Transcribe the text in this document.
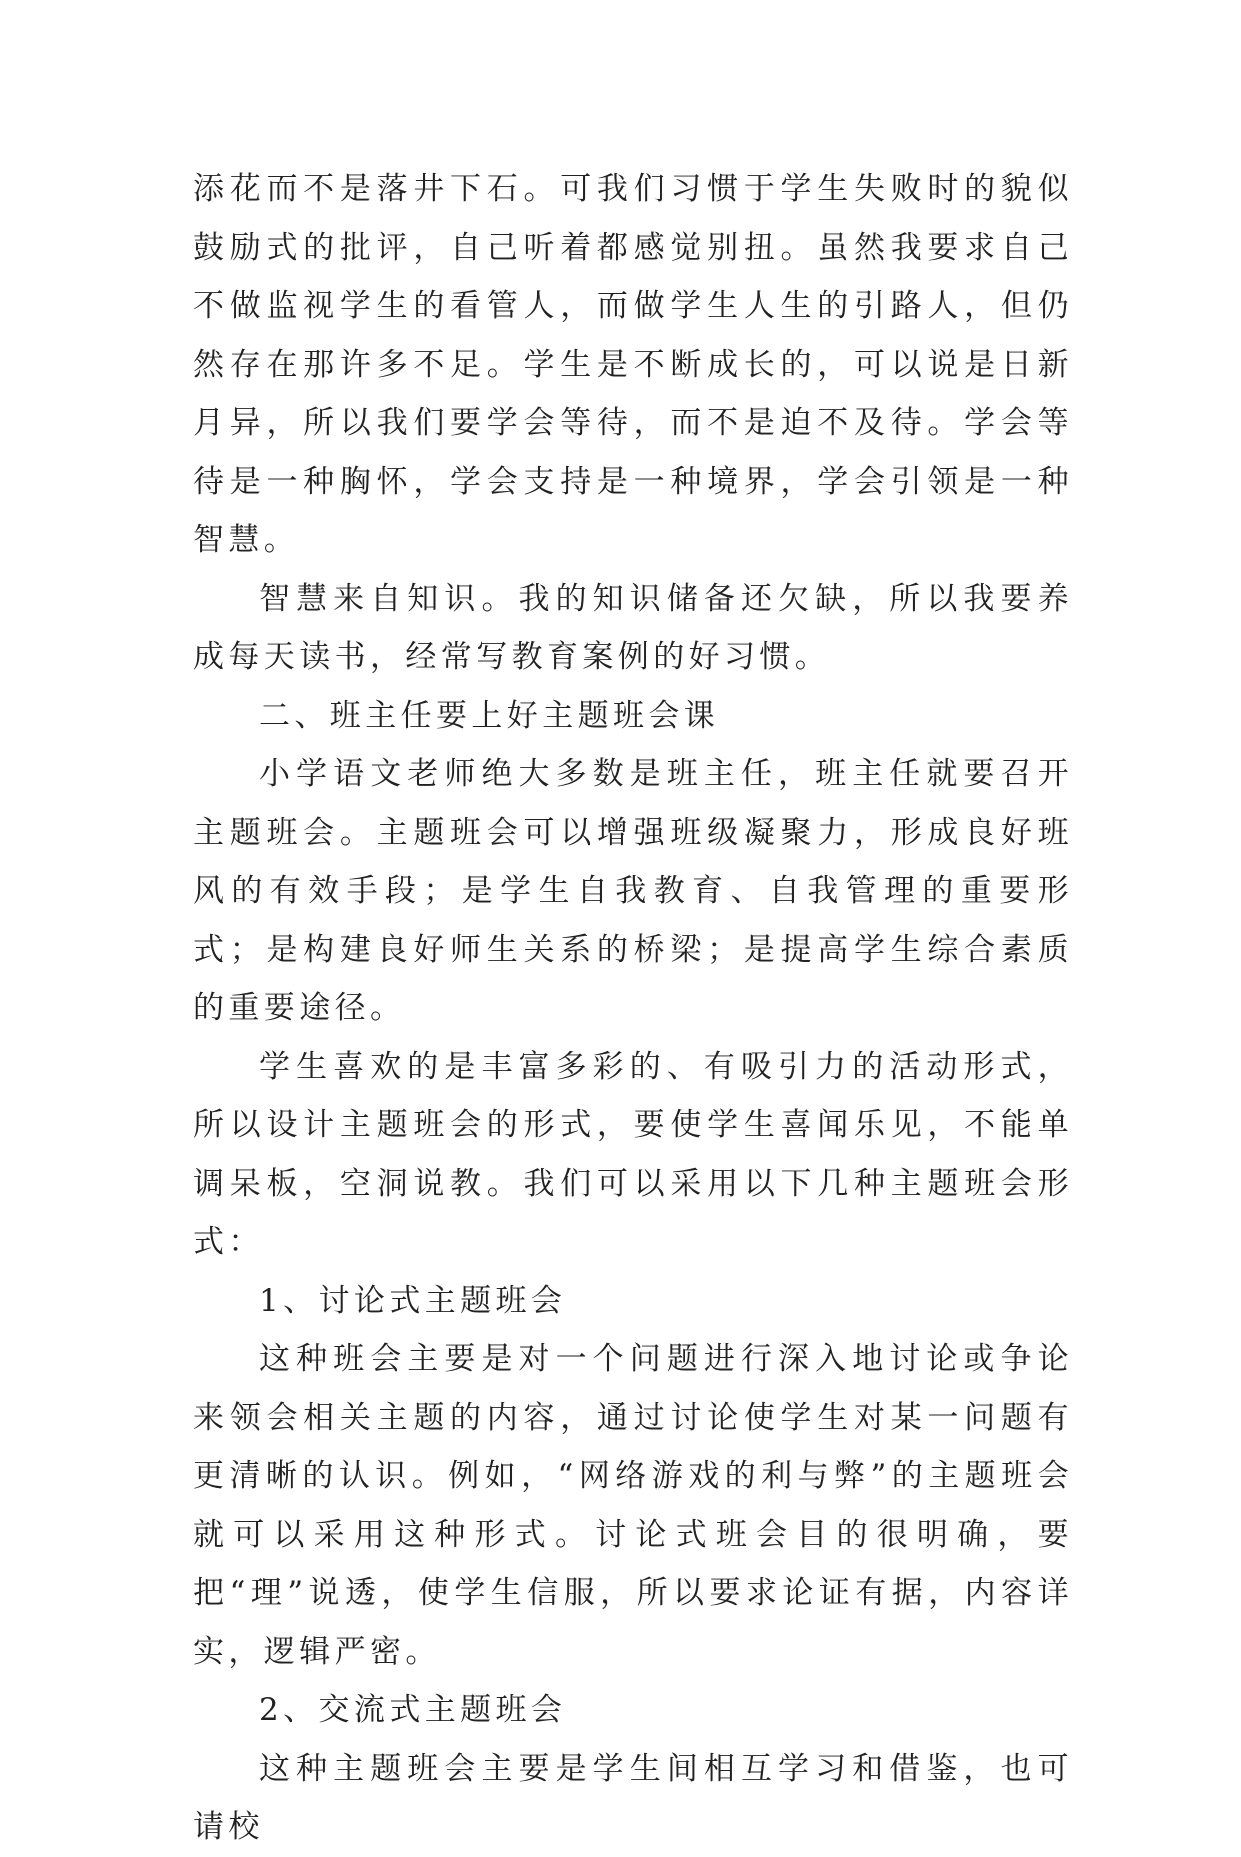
添花而不是落井下石。可我们习惯于学生失败时的貌似鼓励式的批评，自己听着都感觉别扭。虽然我要求自己不做监视学生的看管人，而做学生人生的引路人，但仍然存在那许多不足。学生是不断成长的，可以说是日新月异，所以我们要学会等待，而不是迫不及待。学会等待是一种胸怀，学会支持是一种境界，学会引领是一种智慧。

智慧来自知识。我的知识储备还欠缺，所以我要养成每天读书，经常写教育案例的好习惯。

二、班主任要上好主题班会课

小学语文老师绝大多数是班主任，班主任就要召开主题班会。主题班会可以增强班级凝聚力，形成良好班风的有效手段；是学生自我教育、自我管理的重要形式；是构建良好师生关系的桥梁；是提高学生综合素质的重要途径。

学生喜欢的是丰富多彩的、有吸引力的活动形式，所以设计主题班会的形式，要使学生喜闻乐见，不能单调呆板，空洞说教。我们可以采用以下几种主题班会形式：

1、讨论式主题班会

这种班会主要是对一个问题进行深入地讨论或争论来领会相关主题的内容，通过讨论使学生对某一问题有更清晰的认识。例如，“网络游戏的利与弊”的主题班会就可以采用这种形式。讨论式班会目的很明确，要把“理”说透，使学生信服，所以要求论证有据，内容详实，逻辑严密。

2、交流式主题班会

这种主题班会主要是学生间相互学习和借鉴，也可请校
